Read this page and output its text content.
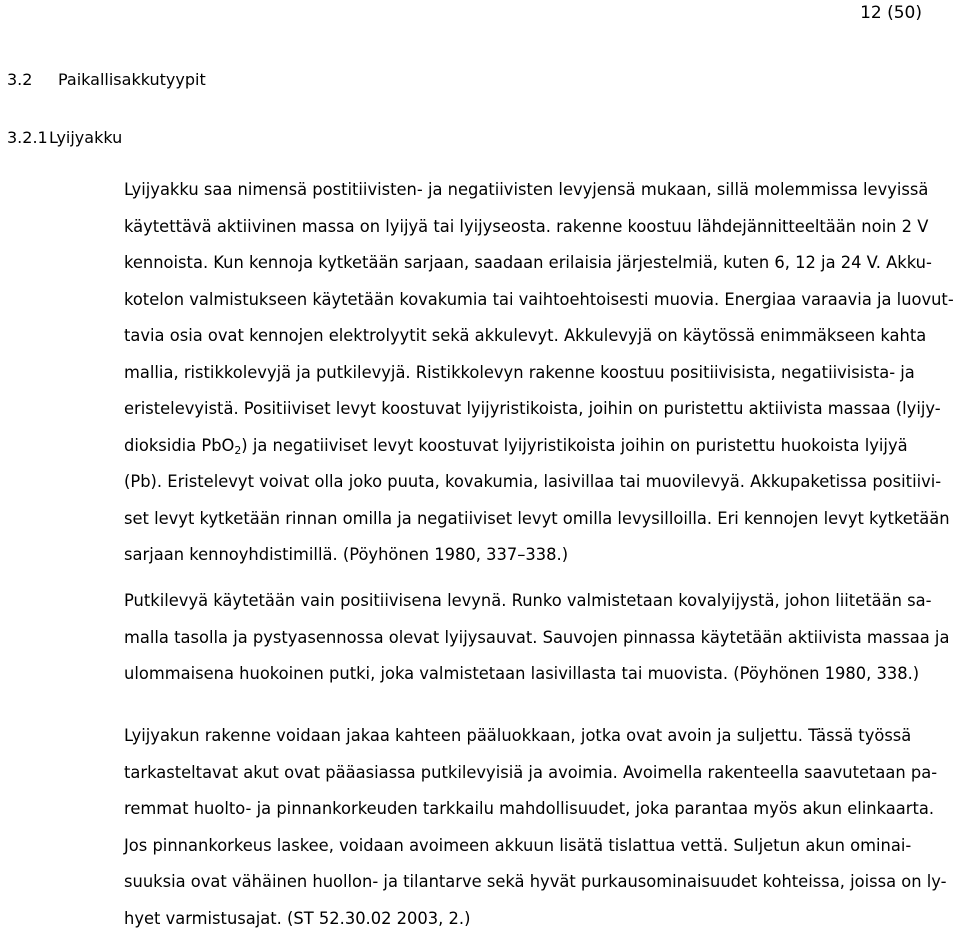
12 (50)
3.2 Paikallisakkutyypit
3.2.1Lyijyakku
Lyijyakku saa nimensä postitiivisten- ja negatiivisten levyjensä mukaan, sillä molemmissa levyissä
käytettävä aktiivinen massa on lyijyä tai lyijyseosta. rakenne koostuu lähdejännitteeltään noin 2 V
kennoista. Kun kennoja kytketään sarjaan, saadaan erilaisia järjestelmiä, kuten 6, 12 ja 24 V. Akku-
kotelon valmistukseen käytetään kovakumia tai vaihtoehtoisesti muovia. Energiaa varaavia ja luovut-
tavia osia ovat kennojen elektrolyytit sekä akkulevyt. Akkulevyjä on käytössä enimmäkseen kahta
mallia, ristikkolevyjä ja putkilevyjä. Ristikkolevyn rakenne koostuu positiivisista, negatiivisista- ja
eristelevyistä. Positiiviset levyt koostuvat lyijyristikoista, joihin on puristettu aktiivista massaa (lyijy-
dioksidia PbO$_2$) ja negatiiviset levyt koostuvat lyijyristikoista joihin on puristettu huokoista lyijyä
(Pb). Eristelevyt voivat olla joko puuta, kovakumia, lasivillaa tai muovilevyä. Akkupaketissa positiivi-
set levyt kytketään rinnan omilla ja negatiiviset levyt omilla levysilloilla. Eri kennojen levyt kytketään
sarjaan kennoyhdistimillä. (Pöyhönen 1980, 337–338.)
Putkilevyä käytetään vain positiivisena levynä. Runko valmistetaan kovalyijystä, johon liitetään sa-
malla tasolla ja pystyasennossa olevat lyijysauvat. Sauvojen pinnassa käytetään aktiivista massaa ja
ulommaisena huokoinen putki, joka valmistetaan lasivillasta tai muovista. (Pöyhönen 1980, 338.)
Lyijyakun rakenne voidaan jakaa kahteen pääluokkaan, jotka ovat avoin ja suljettu. Tässä työssä
tarkasteltavat akut ovat pääasiassa putkilevyisiä ja avoimia. Avoimella rakenteella saavutetaan pa-
remmat huolto- ja pinnankorkeuden tarkkailu mahdollisuudet, joka parantaa myös akun elinkaarta.
Jos pinnankorkeus laskee, voidaan avoimeen akkuun lisätä tislattua vettä. Suljetun akun ominai-
suuksia ovat vähäinen huollon- ja tilantarve sekä hyvät purkausominaisuudet kohteissa, joissa on ly-
hyet varmistusajat. (ST 52.30.02 2003, 2.)
